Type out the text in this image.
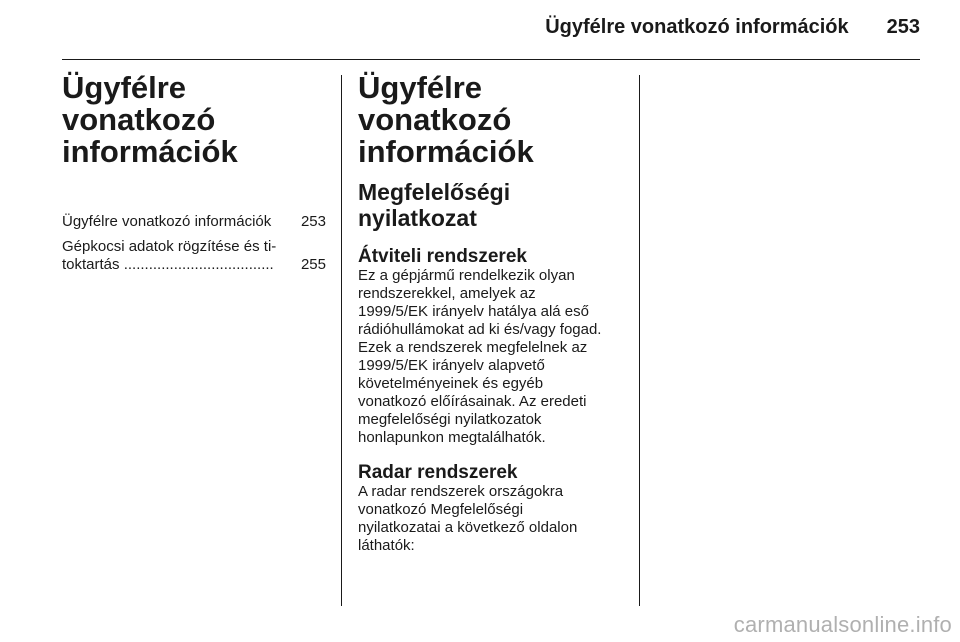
Ügyfélre vonatkozó információk 253
Ügyfélre vonatkozó információk
Ügyfélre vonatkozó információk	253
Gépkocsi adatok rögzítése és ti-
toktartás ....................................	255
Ügyfélre vonatkozó információk
Megfelelőségi nyilatkozat
Átviteli rendszerek

Ez a gépjármű rendelkezik olyan
rendszerekkel, amelyek az
1999/5/EK irányelv hatálya alá eső
rádióhullámokat ad ki és/vagy fogad.
Ezek a rendszerek megfelelnek az
1999/5/EK irányelv alapvető
követelményeinek és egyéb
vonatkozó előírásainak. Az eredeti
megfelelőségi nyilatkozatok
honlapunkon megtalálhatók.

Radar rendszerek

A radar rendszerek országokra
vonatkozó Megfelelőségi
nyilatkozatai a következő oldalon
láthatók:

carmanualsonline.info
